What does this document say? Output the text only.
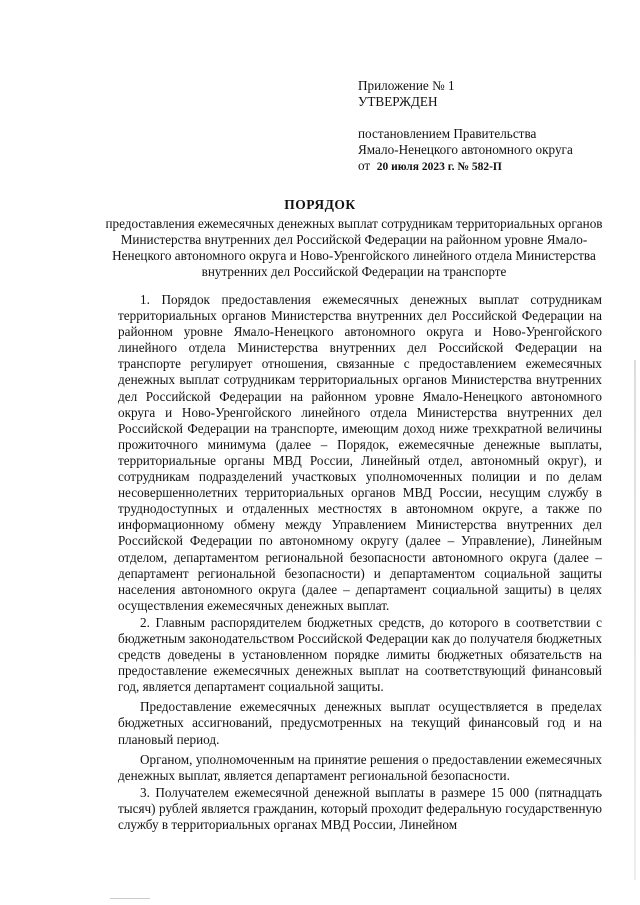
Приложение № 1
УТВЕРЖДЕН
постановлением Правительства
Ямало-Ненецкого автономного округа
от 20 июля 2023 г. № 582-П
ПОРЯДОК
предоставления ежемесячных денежных выплат сотрудникам территориальных органов Министерства внутренних дел Российской Федерации на районном уровне Ямало-Ненецкого автономного округа и Ново-Уренгойского линейного отдела Министерства внутренних дел Российской Федерации на транспорте

1. Порядок предоставления ежемесячных денежных выплат сотрудникам территориальных органов Министерства внутренних дел Российской Федерации на районном уровне Ямало-Ненецкого автономного округа и Ново-Уренгойского линейного отдела Министерства внутренних дел Российской Федерации на транспорте регулирует отношения, связанные с предоставлением ежемесячных денежных выплат сотрудникам территориальных органов Министерства внутренних дел Российской Федерации на районном уровне Ямало-Ненецкого автономного округа и Ново-Уренгойского линейного отдела Министерства внутренних дел Российской Федерации на транспорте, имеющим доход ниже трехкратной величины прожиточного минимума (далее – Порядок, ежемесячные денежные выплаты, территориальные органы МВД России, Линейный отдел, автономный округ), и сотрудникам подразделений участковых уполномоченных полиции и по делам несовершеннолетних территориальных органов МВД России, несущим службу в труднодоступных и отдаленных местностях в автономном округе, а также по информационному обмену между Управлением Министерства внутренних дел Российской Федерации по автономному округу (далее – Управление), Линейным отделом, департаментом региональной безопасности автономного округа (далее – департамент региональной безопасности) и департаментом социальной защиты населения автономного округа (далее – департамент социальной защиты) в целях осуществления ежемесячных денежных выплат.

2. Главным распорядителем бюджетных средств, до которого в соответствии с бюджетным законодательством Российской Федерации как до получателя бюджетных средств доведены в установленном порядке лимиты бюджетных обязательств на предоставление ежемесячных денежных выплат на соответствующий финансовый год, является департамент социальной защиты.

Предоставление ежемесячных денежных выплат осуществляется в пределах бюджетных ассигнований, предусмотренных на текущий финансовый год и на плановый период.

Органом, уполномоченным на принятие решения о предоставлении ежемесячных денежных выплат, является департамент региональной безопасности.

3. Получателем ежемесячной денежной выплаты в размере 15 000 (пятнадцать тысяч) рублей является гражданин, который проходит федеральную государственную службу в территориальных органах МВД России, Линейном
